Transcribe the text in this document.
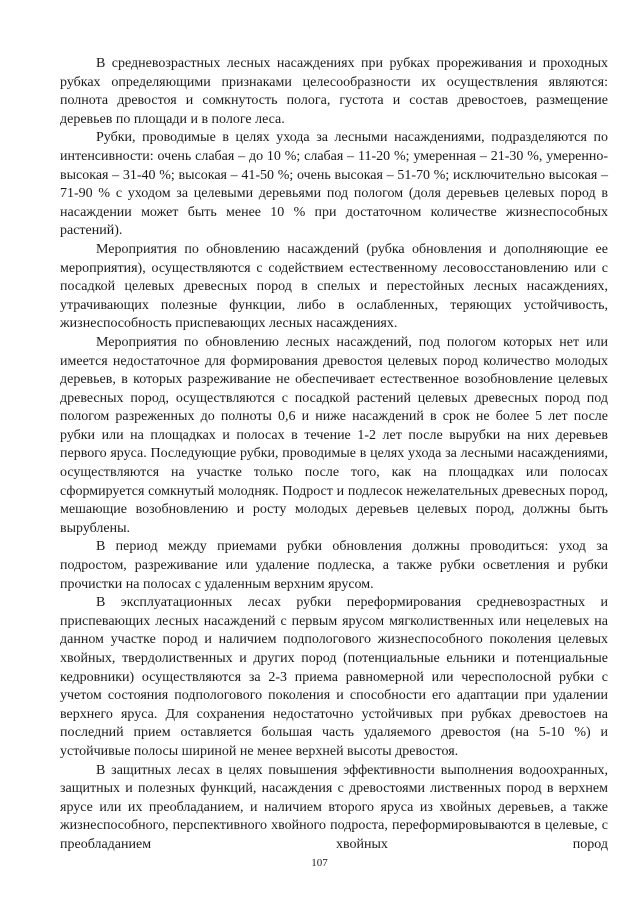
В средневозрастных лесных насаждениях при рубках прореживания и проходных рубках определяющими признаками целесообразности их осуществления являются: полнота древостоя и сомкнутость полога, густота и состав древостоев, размещение деревьев по площади и в пологе леса.

Рубки, проводимые в целях ухода за лесными насаждениями, подразделяются по интенсивности: очень слабая – до 10 %; слабая – 11-20 %; умеренная – 21-30 %, умеренно-высокая – 31-40 %; высокая – 41-50 %; очень высокая – 51-70 %; исключительно высокая – 71-90 % с уходом за целевыми деревьями под пологом (доля деревьев целевых пород в насаждении может быть менее 10 % при достаточном количестве жизнеспособных растений).

Мероприятия по обновлению насаждений (рубка обновления и дополняющие ее мероприятия), осуществляются с содействием естественному лесовосстановлению или с посадкой целевых древесных пород в спелых и перестойных лесных насаждениях, утрачивающих полезные функции, либо в ослабленных, теряющих устойчивость, жизнеспособность приспевающих лесных насаждениях.

Мероприятия по обновлению лесных насаждений, под пологом которых нет или имеется недостаточное для формирования древостоя целевых пород количество молодых деревьев, в которых разреживание не обеспечивает естественное возобновление целевых древесных пород, осуществляются с посадкой растений целевых древесных пород под пологом разреженных до полноты 0,6 и ниже насаждений в срок не более 5 лет после рубки или на площадках и полосах в течение 1-2 лет после вырубки на них деревьев первого яруса. Последующие рубки, проводимые в целях ухода за лесными насаждениями, осуществляются на участке только после того, как на площадках или полосах сформируется сомкнутый молодняк. Подрост и подлесок нежелательных древесных пород, мешающие возобновлению и росту молодых деревьев целевых пород, должны быть вырублены.

В период между приемами рубки обновления должны проводиться: уход за подростом, разреживание или удаление подлеска, а также рубки осветления и рубки прочистки на полосах с удаленным верхним ярусом.

В эксплуатационных лесах рубки переформирования средневозрастных и приспевающих лесных насаждений с первым ярусом мягколиственных или нецелевых на данном участке пород и наличием подпологового жизнеспособного поколения целевых хвойных, твердолиственных и других пород (потенциальные ельники и потенциальные кедровники) осуществляются за 2-3 приема равномерной или чересполосной рубки с учетом состояния подпологового поколения и способности его адаптации при удалении верхнего яруса. Для сохранения недостаточно устойчивых при рубках древостоев на последний прием оставляется большая часть удаляемого древостоя (на 5-10 %) и устойчивые полосы шириной не менее верхней высоты древостоя.

В защитных лесах в целях повышения эффективности выполнения водоохранных, защитных и полезных функций, насаждения с древостоями лиственных пород в верхнем ярусе или их преобладанием, и наличием второго яруса из хвойных деревьев, а также жизнеспособного, перспективного хвойного подроста, переформировываются в целевые, с преобладанием хвойных пород

107
